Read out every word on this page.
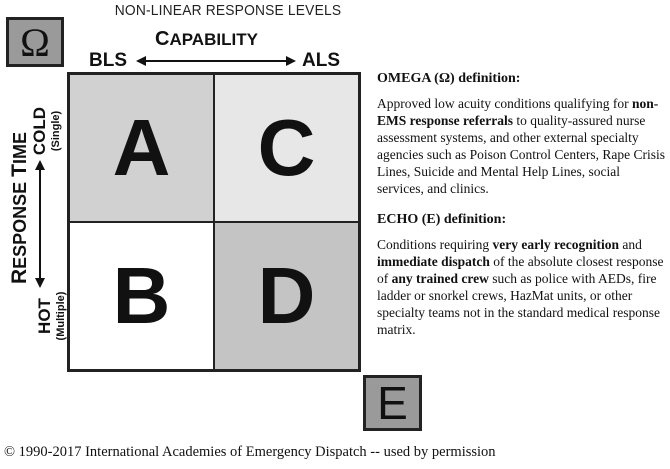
NON-LINEAR RESPONSE LEVELS
Ω	CAPABILITY
BLS	ALS
RESPONSE TIME COLD (Single)
HOT (Multiple)
A	C
B	D
E
OMEGA (Ω) definition:

Approved low acuity conditions qualifying for non-EMS response referrals to quality-assured nurse assessment systems, and other external specialty agencies such as Poison Control Centers, Rape Crisis Lines, Suicide and Mental Help Lines, social services, and clinics.

ECHO (E) definition:

Conditions requiring very early recognition and immediate dispatch of the absolute closest response of any trained crew such as police with AEDs, fire ladder or snorkel crews, HazMat units, or other specialty teams not in the standard medical response matrix.

© 1990-2017 International Academies of Emergency Dispatch -- used by permission
